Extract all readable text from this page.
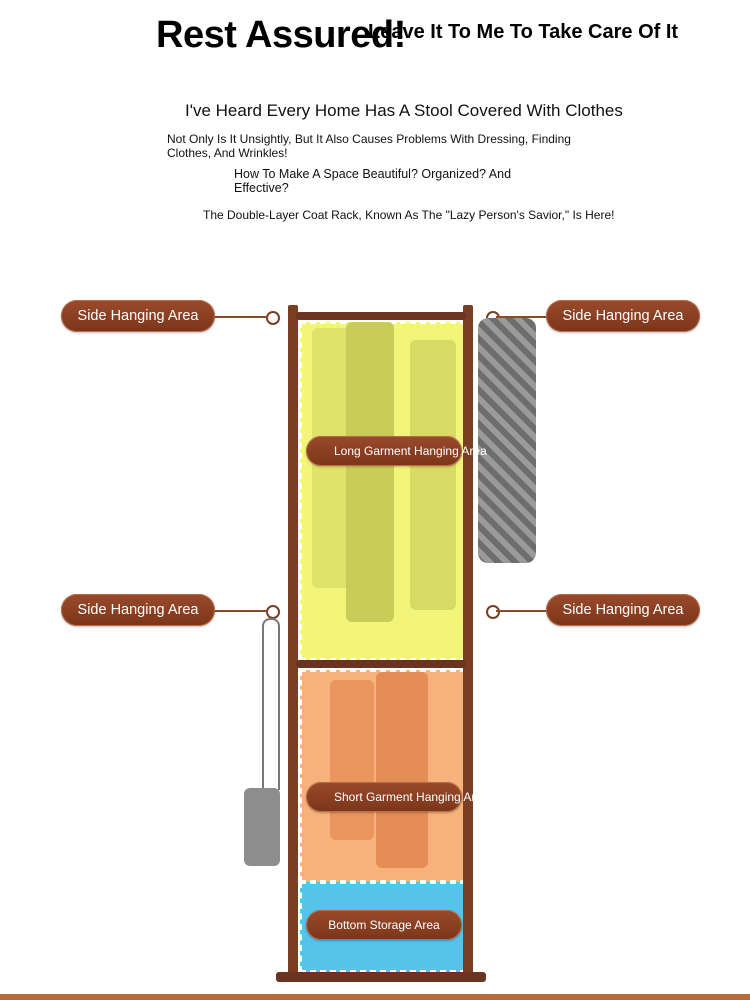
Rest Assured!
Leave It To Me To Take Care Of It
I've Heard Every Home Has A Stool Covered With Clothes
Not Only Is It Unsightly, But It Also Causes Problems With Dressing, Finding Clothes, And Wrinkles!
How To Make A Space Beautiful? Organized? And Effective?
The Double-Layer Coat Rack, Known As The "Lazy Person's Savior," Is Here!
Side Hanging Area	Side Hanging Area
Side Hanging Area	Side Hanging Area
Long Garment Hanging Area
Short Garment Hanging Area
Bottom Storage Area
